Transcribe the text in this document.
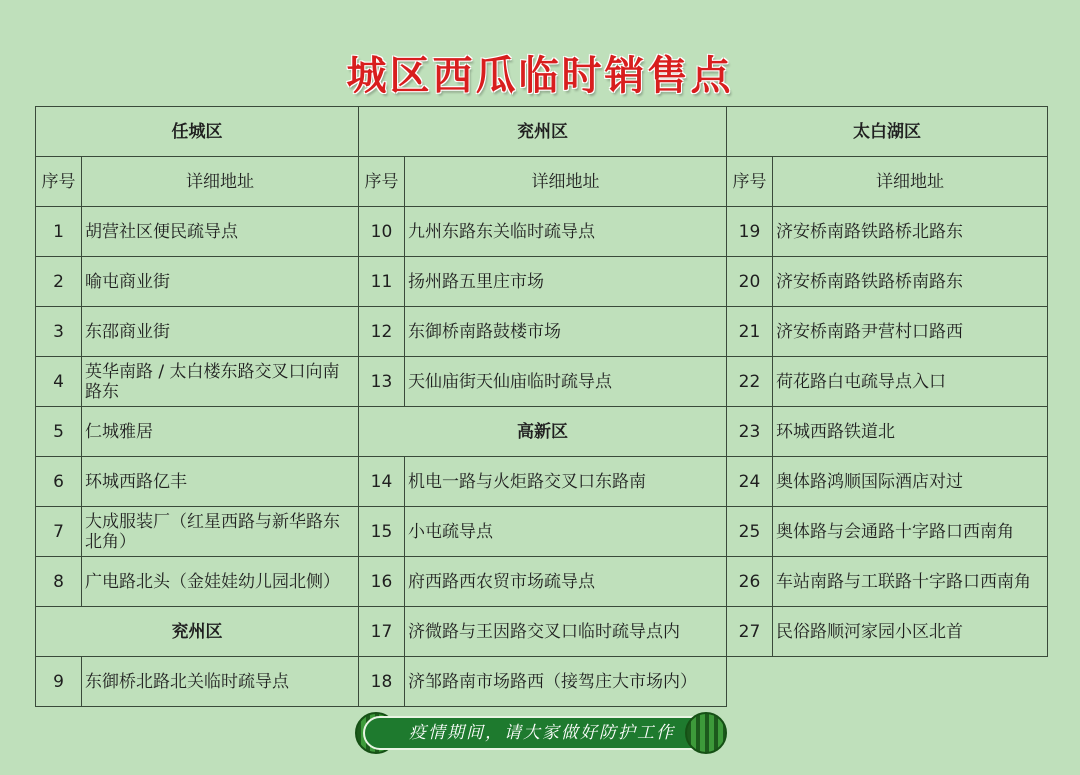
城区西瓜临时销售点
任城区		兖州区		太白湖区	
序号	详细地址	序号	详细地址	序号	详细地址
1	胡营社区便民疏导点	10	九州东路东关临时疏导点	19	济安桥南路铁路桥北路东
2	喻屯商业街	11	扬州路五里庄市场	20	济安桥南路铁路桥南路东
3	东邵商业街	12	东御桥南路鼓楼市场	21	济安桥南路尹营村口路西
4	英华南路 / 太白楼东路交叉口向南路东	13	天仙庙街天仙庙临时疏导点	22	荷花路白屯疏导点入口
5	仁城雅居	高新区		23	环城西路铁道北
6	环城西路亿丰	14	机电一路与火炬路交叉口东路南	24	奥体路鸿顺国际酒店对过
7	大成服装厂（红星西路与新华路东北角）	15	小屯疏导点	25	奥体路与会通路十字路口西南角
8	广电路北头（金娃娃幼儿园北侧）	16	府西路西农贸市场疏导点	26	车站南路与工联路十字路口西南角
兖州区		17	济微路与王因路交叉口临时疏导点内	27	民俗路顺河家园小区北首
9	东御桥北路北关临时疏导点	18	济邹路南市场路西（接驾庄大市场内）		
疫情期间，请大家做好防护工作
